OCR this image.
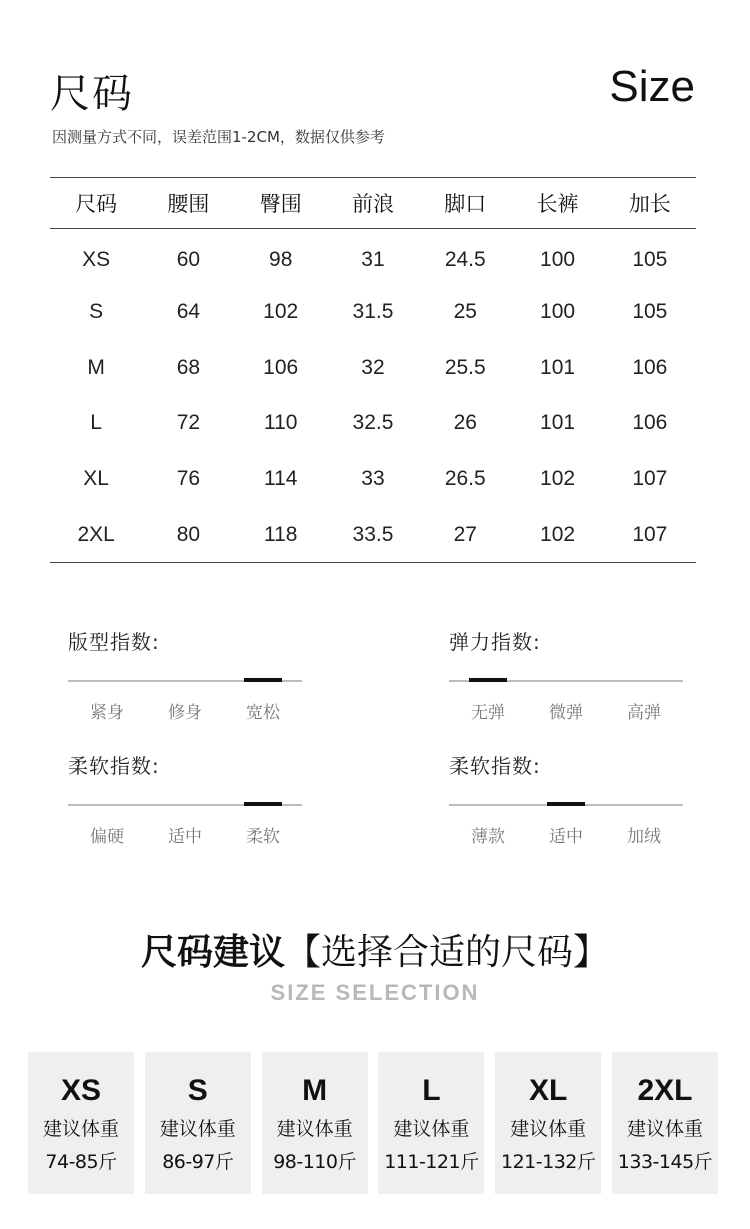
尺码	Size
因测量方式不同，误差范围1-2CM，数据仅供参考
尺码	腰围	臀围	前浪	脚口	长裤	加长
XS	60	98	31	24.5	100	105
S	64	102	31.5	25	100	105
M	68	106	32	25.5	101	106
L	72	110	32.5	26	101	106
XL	76	114	33	26.5	102	107
2XL	80	118	33.5	27	102	107
版型指数:
紧身	修身	宽松
弹力指数:
无弹	微弹	高弹
柔软指数:
偏硬	适中	柔软
柔软指数:
薄款	适中	加绒
尺码建议【选择合适的尺码】
SIZE SELECTION
XS
建议体重
74-85斤
S
建议体重
86-97斤
M
建议体重
98-110斤
L
建议体重
111-121斤
XL
建议体重
121-132斤
2XL
建议体重
133-145斤
